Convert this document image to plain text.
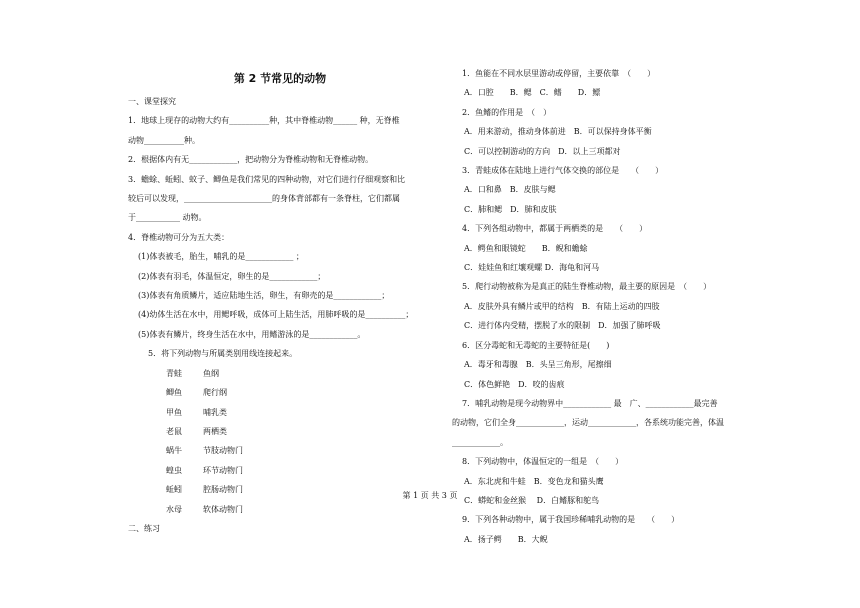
第 2 节常见的动物
一、课堂探究
1．地球上现存的动物大约有__________种，其中脊椎动物______ 种，无脊椎
动物__________种。
2．根据体内有无____________，把动物分为脊椎动物和无脊椎动物。
3．蟾蜍、蚯蚓、蚊子、鲫鱼是我们常见的四种动物，对它们进行仔细观察和比
较后可以发现，______________________的身体背部都有一条脊柱，它们都属
于___________ 动物。
4．脊椎动物可分为五大类：
(1)体表被毛，胎生，哺乳的是____________ ；
(2)体表有羽毛，体温恒定，卵生的是____________；
(3)体表有角质鳞片，适应陆地生活，卵生，有卵壳的是____________；
(4)幼体生活在水中，用鳃呼吸，成体可上陆生活，用肺呼吸的是__________；
(5)体表有鳞片，终身生活在水中，用鳍游泳的是____________。
5．将下列动物与所属类别用线连接起来。
青蛙	鱼纲
鲫鱼	爬行纲
甲鱼	哺乳类
老鼠	两栖类
蜗牛	节肢动物门
蝗虫	环节动物门
蚯蚓	腔肠动物门
水母	软体动物门
二、练习
1．鱼能在不同水层里游动或停留，主要依靠　（　　）
A．口腔　　B．鳃　C．鳍　　D．鳔
2．鱼鳍的作用是　（　）
A．用来游动，推动身体前进　B．可以保持身体平衡
C．可以控制游动的方向　D．以上三项都对
3．青蛙成体在陆地上进行气体交换的部位是　　（　　）
A．口和鼻　B．皮肤与鳃
C．肺和鳃　D．肺和皮肤
4．下列各组动物中，都属于两栖类的是　　（　　）
A．鳄鱼和眼镜蛇　　B．鲵和蟾蜍
C．娃娃鱼和红壤观螺 D．海龟和河马
5．爬行动物被称为是真正的陆生脊椎动物，最主要的原因是　（　　）
A．皮肤外具有鳞片或甲的结构　B．有陆上运动的四肢
C．进行体内受精，摆脱了水的限制　D．加强了肺呼吸
6．区分毒蛇和无毒蛇的主要特征是(　　)
A．毒牙和毒腺　B．头呈三角形，尾擦细
C．体色鲜艳　D．咬的齿痕
7．哺乳动物是现今动物界中____________ 最　广、____________最完善
的动物，它们全身____________，运动____________，各系统功能完善，体温
____________。
8．下列动物中，体温恒定的一组是　（　　）
A．东北虎和牛蛙　B．变色龙和猫头鹰
C．蟒蛇和金丝猴　 D．白鳍豚和鸵鸟
9．下列各种动物中，属于我国珍稀哺乳动物的是　　（　　）
A．扬子鳄　　B．大鲵
第 1 页 共 3 页
